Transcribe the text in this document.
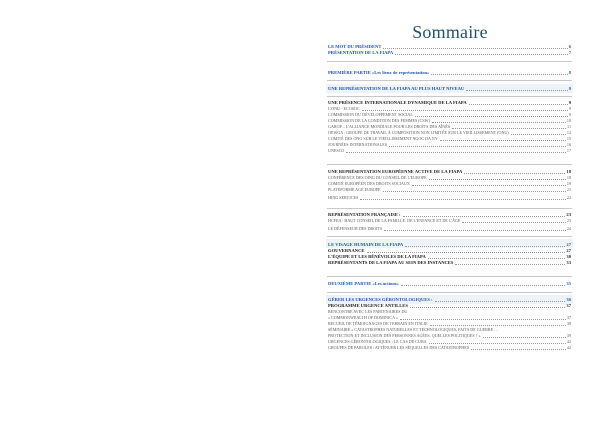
Sommaire
LE MOT DU PRÉSIDENT	6
PRÉSENTATION DE LA FIAPA	7
PREMIÈRE PARTIE «Les lieux de représentation»	8
UNE REPRÉSENTATION DE LA FIAPA AU PLUS HAUT NIVEAU	9
UNE PRÉSENCE INTERNATIONALE DYNAMIQUE DE LA FIAPA	9
L'ONU - ECOSOC	9
COMMISSION DU DÉVELOPPEMENT SOCIAL	9
COMMISSION DE LA CONDITION DES FEMMES (CSW)	10
GAROP – L'ALLIANCE MONDIALE POUR LES DROITS DES AÎNÉS	11
OEWGA : GROUPE DE TRAVAIL À COMPOSITION NON LIMITÉE SUR LE VIEILLISSEMENT (ONU)	12
COMITÉ DES ONG SUR LE VIEILLISSEMENT NGOC DA NY	15
JOURNÉES INTERNATIONALES	16
UNESCO	17
UNE REPRÉSENTATION EUROPÉENNE ACTIVE DE LA FIAPA	18
CONFÉRENCE DES OING DU CONSEIL DE L'EUROPE	18
COMITÉ EUROPÉEN DES DROITS SOCIAUX	19
PLATEFORME AGE EUROPE	21
HING SERVICES	22
REPRÉSENTATION FRANÇAISE :	23
HCFEA : HAUT CONSEIL DE LA FAMILLE, DE L'ENFANCE ET DE L'ÂGE	23
LE DÉFENSEUR DES DROITS	24
LE VISAGE HUMAIN DE LA FIAPA	27
GOUVERNANCE	27
L'ÉQUIPE ET LES BÉNÉVOLES DE LA FIAPA	30
REPRÉSENTANTS DE LA FIAPA AU SEIN DES INSTANCES	33
DEUXIÈME PARTIE «Les actions»	35
GÉRER LES URGENCES GÉRONTOLOGIQUES :	36
PROGRAMME URGENCE ANTILLES	37
RENCONTRE AVEC LES PARTENAIRES DU
« COMMONWEALTH OF DOMINICA »	37
RECUEIL DE TÉMOIGNAGES DE TERRAIN EN ITALIE	38
SÉMINAIRE « CATASTROPHES NATURELLES ET TECHNOLOGIQUES, FAITS DE GUERRE …
PROTECTION ET INCLUSION DES PERSONNES AGÉES. QUELLES POLITIQUES ? »	39
URGENCES GÉRONTOLOGIQUES : LE CAS DE CUBA	42
GROUPES DE PAROLES : ATTÉNUER LES SÉQUELLES DES CATASTROPHES	42
